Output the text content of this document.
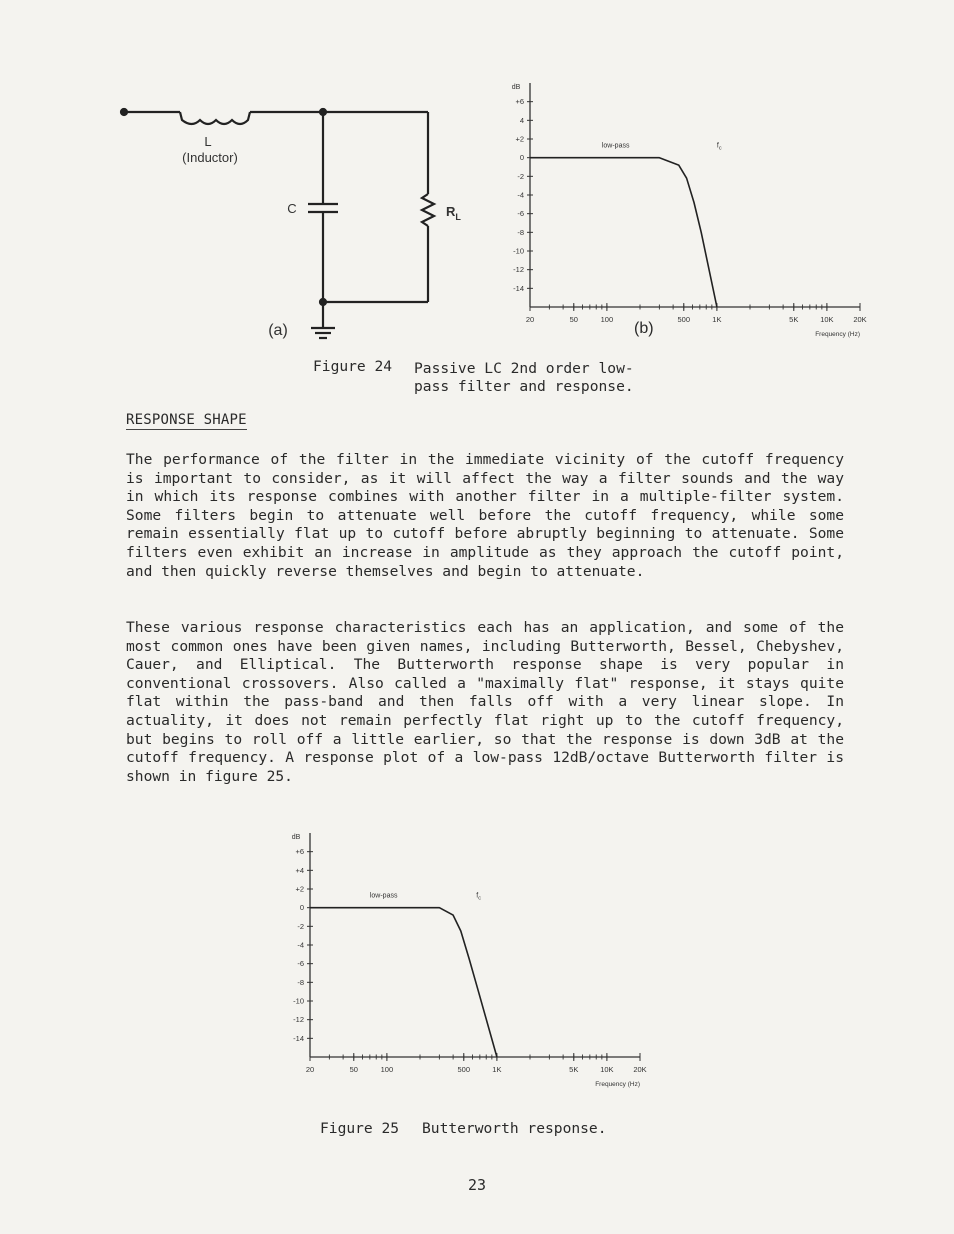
L
(Inductor)
C	$R_L$
(a)
dB
+6
4
+2
0
-2
-4
-6
-8
-10
-12
-14
20	50	100	500	1K	5K	10K	20K
Frequency (Hz)
low-pass	$f_c$
(b)
Figure 24 Passive LC 2nd order low-
pass filter and response.
RESPONSE SHAPE

The performance of the filter in the immediate vicinity of the cutoff frequency is important to consider, as it will affect the way a filter sounds and the way in which its response combines with another filter in a multiple-filter system. Some filters begin to attenuate well before the cutoff frequency, while some remain essentially flat up to cutoff before abruptly beginning to attenuate. Some filters even exhibit an increase in amplitude as they approach the cutoff point, and then quickly reverse themselves and begin to attenuate.

These various response characteristics each has an application, and some of the most common ones have been given names, including Butterworth, Bessel, Chebyshev, Cauer, and Elliptical. The Butterworth response shape is very popular in conventional crossovers. Also called a "maximally flat" response, it stays quite flat within the pass-band and then falls off with a very linear slope. In actuality, it does not remain perfectly flat right up to the cutoff frequency, but begins to roll off a little earlier, so that the response is down 3dB at the cutoff frequency. A response plot of a low-pass 12dB/octave Butterworth filter is shown in figure 25.

dB
+6
+4
+2
0
-2
-4
-6
-8
-10
-12
-14
20	50	100	500	1K	5K	10K	20K
Frequency (Hz)
low-pass	$f_c$
Figure 25 Butterworth response.
23
